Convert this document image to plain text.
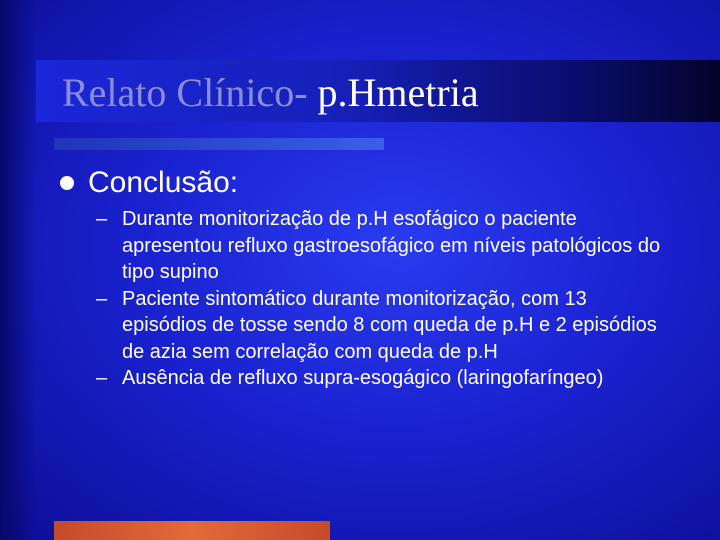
Relato Clínico- p.Hmetria
Conclusão:
– Durante monitorização de p.H esofágico o paciente apresentou refluxo gastroesofágico em níveis patológicos do tipo supino
– Paciente sintomático durante monitorização, com 13 episódios de tosse sendo 8 com queda de p.H e 2 episódios de azia sem correlação com queda de p.H
– Ausência de refluxo supra-esogágico (laringofaríngeo)
